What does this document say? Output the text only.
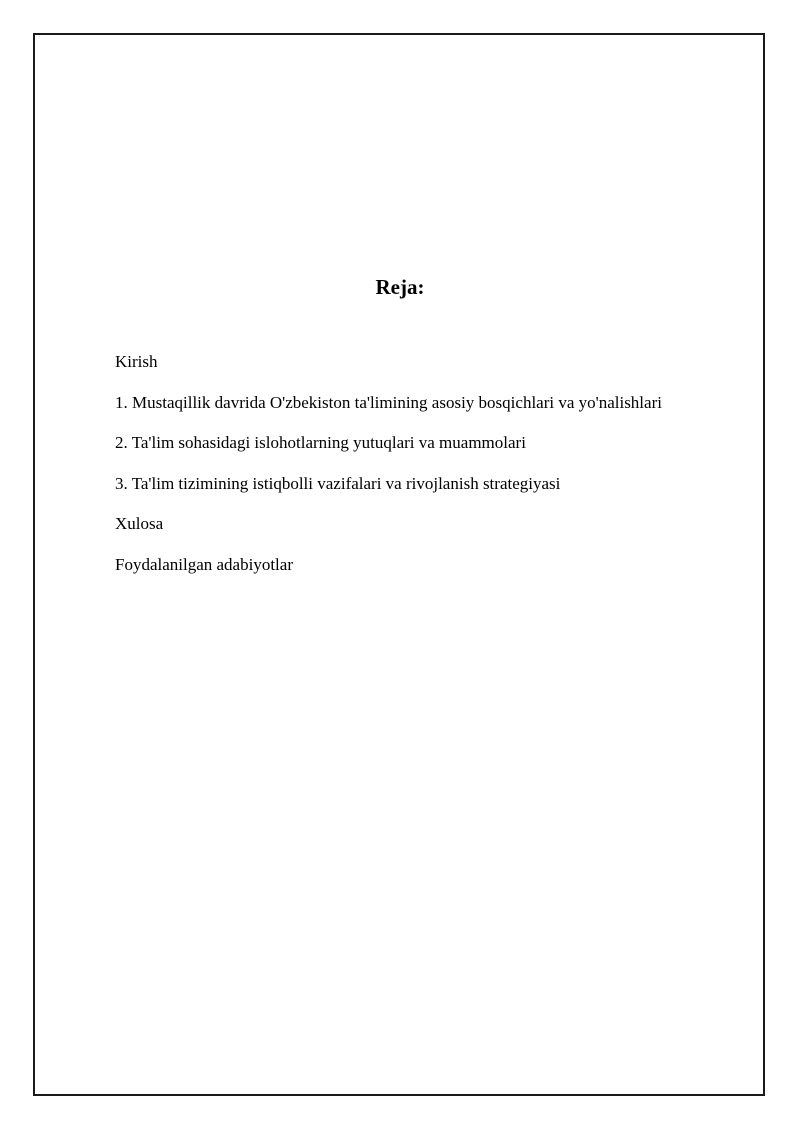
Reja:
Kirish
1. Mustaqillik davrida O'zbekiston ta'limining asosiy bosqichlari va yo'nalishlari
2. Ta'lim sohasidagi islohotlarning yutuqlari va muammolari
3. Ta'lim tizimining istiqbolli vazifalari va rivojlanish strategiyasi
Xulosa
Foydalanilgan adabiyotlar
